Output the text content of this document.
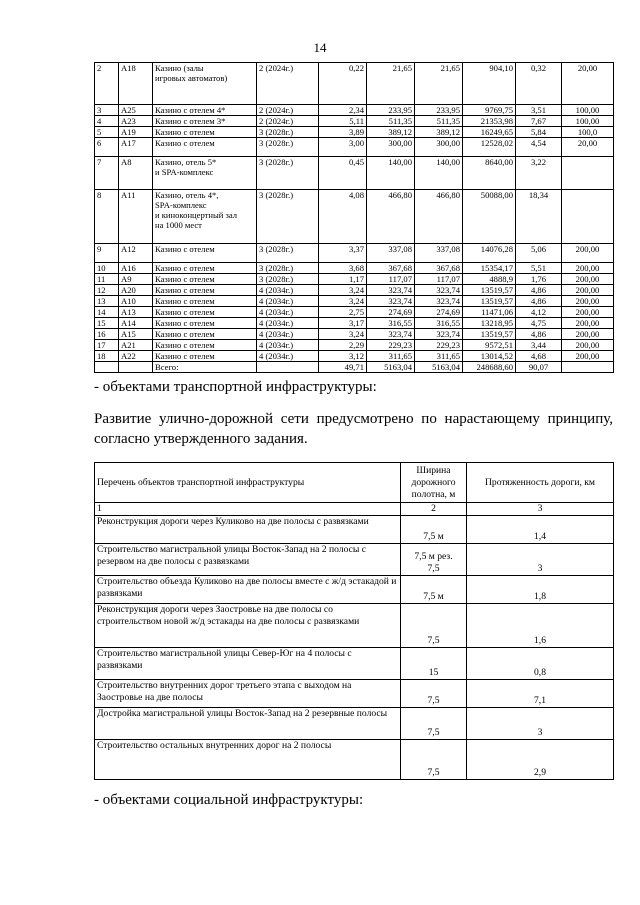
14
2	A18	Казино (залы
игровых автоматов)	2 (2024г.)	0,22	21,65	21,65	904,10	0,32	20,00
3	A25	Казино с отелем 4*	2 (2024г.)	2,34	233,95	233,95	9769,75	3,51	100,00
4	A23	Казино с отелем 3*	2 (2024г.)	5,11	511,35	511,35	21353,98	7,67	100,00
5	A19	Казино с отелем	3 (2028г.)	3,89	389,12	389,12	16249,65	5,84	100,0
6	A17	Казино с отелем	3 (2028г.)	3,00	300,00	300,00	12528,02	4,54	20,00
7	A8	Казино, отель 5*
и SPA-комплекс	3 (2028г.)	0,45	140,00	140,00	8640,00	3,22	
8	A11	Казино, отель 4*,
SPA-комплекс
и киноконцертный зал
на 1000 мест	3 (2028г.)	4,08	466,80	466,80	50088,00	18,34	
9	A12	Казино с отелем	3 (2028г.)	3,37	337,08	337,08	14076,28	5,06	200,00
10	A16	Казино с отелем	3 (2028г.)	3,68	367,68	367,68	15354,17	5,51	200,00
11	A9	Казино с отелем	3 (2028г.)	1,17	117,07	117,07	4888,9	1,76	200,00
12	A20	Казино с отелем	4 (2034г.)	3,24	323,74	323,74	13519,57	4,86	200,00
13	A10	Казино с отелем	4 (2034г.)	3,24	323,74	323,74	13519,57	4,86	200,00
14	A13	Казино с отелем	4 (2034г.)	2,75	274,69	274,69	11471,06	4,12	200,00
15	A14	Казино с отелем	4 (2034г.)	3,17	316,55	316,55	13218,95	4,75	200,00
16	A15	Казино с отелем	4 (2034г.)	3,24	323,74	323,74	13519,57	4,86	200,00
17	A21	Казино с отелем	4 (2034г.)	2,29	229,23	229,23	9572,51	3,44	200,00
18	A22	Казино с отелем	4 (2034г.)	3,12	311,65	311,65	13014,52	4,68	200,00
		Всего:		49,71	5163,04	5163,04	248688,60	90,07	
- объектами транспортной инфраструктуры:
Развитие улично-дорожной сети предусмотрено по нарастающему принципу, согласно утвержденного задания.
Перечень объектов транспортной инфраструктуры	Ширина
дорожного
полотна, м	Протяженность дороги, км
1	2	3
Реконструкция дороги через Куликово на две полосы с развязками	7,5 м	1,4
Строительство магистральной улицы Восток-Запад на 2 полосы с резервом на две полосы с развязками	7,5 м рез.
7,5	3
Строительство объезда Куликово на две полосы вместе с ж/д эстакадой и развязками	7,5 м	1,8
Реконструкция дороги через Заостровье на две полосы со строительством новой ж/д эстакады на две полосы с развязками	7,5	1,6
Строительство магистральной улицы Север-Юг на 4 полосы с развязками	15	0,8
Строительство внутренних дорог третьего этапа с выходом на Заостровье на две полосы	7,5	7,1
Достройка магистральной улицы Восток-Запад на 2 резервные полосы	7,5	3
Строительство остальных внутренних дорог на 2 полосы	7,5	2,9
- объектами социальной инфраструктуры:
